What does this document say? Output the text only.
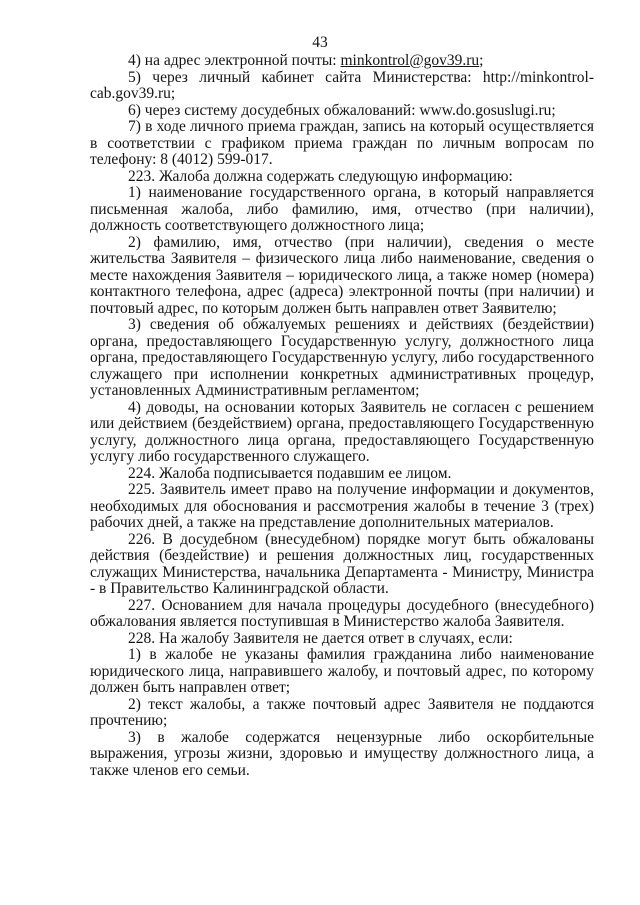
43

4) на адрес электронной почты: minkontrol@gov39.ru;

5) через личный кабинет сайта Министерства: http://minkontrol-cab.gov39.ru;

6) через систему досудебных обжалований: www.do.gosuslugi.ru;

7) в ходе личного приема граждан, запись на который осуществляется в соответствии с графиком приема граждан по личным вопросам по телефону: 8 (4012) 599-017.

223. Жалоба должна содержать следующую информацию:

1) наименование государственного органа, в который направляется письменная жалоба, либо фамилию, имя, отчество (при наличии), должность соответствующего должностного лица;

2) фамилию, имя, отчество (при наличии), сведения о месте жительства Заявителя – физического лица либо наименование, сведения о месте нахождения Заявителя – юридического лица, а также номер (номера) контактного телефона, адрес (адреса) электронной почты (при наличии) и почтовый адрес, по которым должен быть направлен ответ Заявителю;

3) сведения об обжалуемых решениях и действиях (бездействии) органа, предоставляющего Государственную услугу, должностного лица органа, предоставляющего Государственную услугу, либо государственного служащего при исполнении конкретных административных процедур, установленных Административным регламентом;

4) доводы, на основании которых Заявитель не согласен с решением или действием (бездействием) органа, предоставляющего Государственную услугу, должностного лица органа, предоставляющего Государственную услугу либо государственного служащего.

224. Жалоба подписывается подавшим ее лицом.

225. Заявитель имеет право на получение информации и документов, необходимых для обоснования и рассмотрения жалобы в течение 3 (трех) рабочих дней, а также на представление дополнительных материалов.

226. В досудебном (внесудебном) порядке могут быть обжалованы действия (бездействие) и решения должностных лиц, государственных служащих Министерства, начальника Департамента - Министру, Министра - в Правительство Калининградской области.

227. Основанием для начала процедуры досудебного (внесудебного) обжалования является поступившая в Министерство жалоба Заявителя.

228. На жалобу Заявителя не дается ответ в случаях, если:

1) в жалобе не указаны фамилия гражданина либо наименование юридического лица, направившего жалобу, и почтовый адрес, по которому должен быть направлен ответ;

2) текст жалобы, а также почтовый адрес Заявителя не поддаются прочтению;

3) в жалобе содержатся нецензурные либо оскорбительные выражения, угрозы жизни, здоровью и имуществу должностного лица, а также членов его семьи.
